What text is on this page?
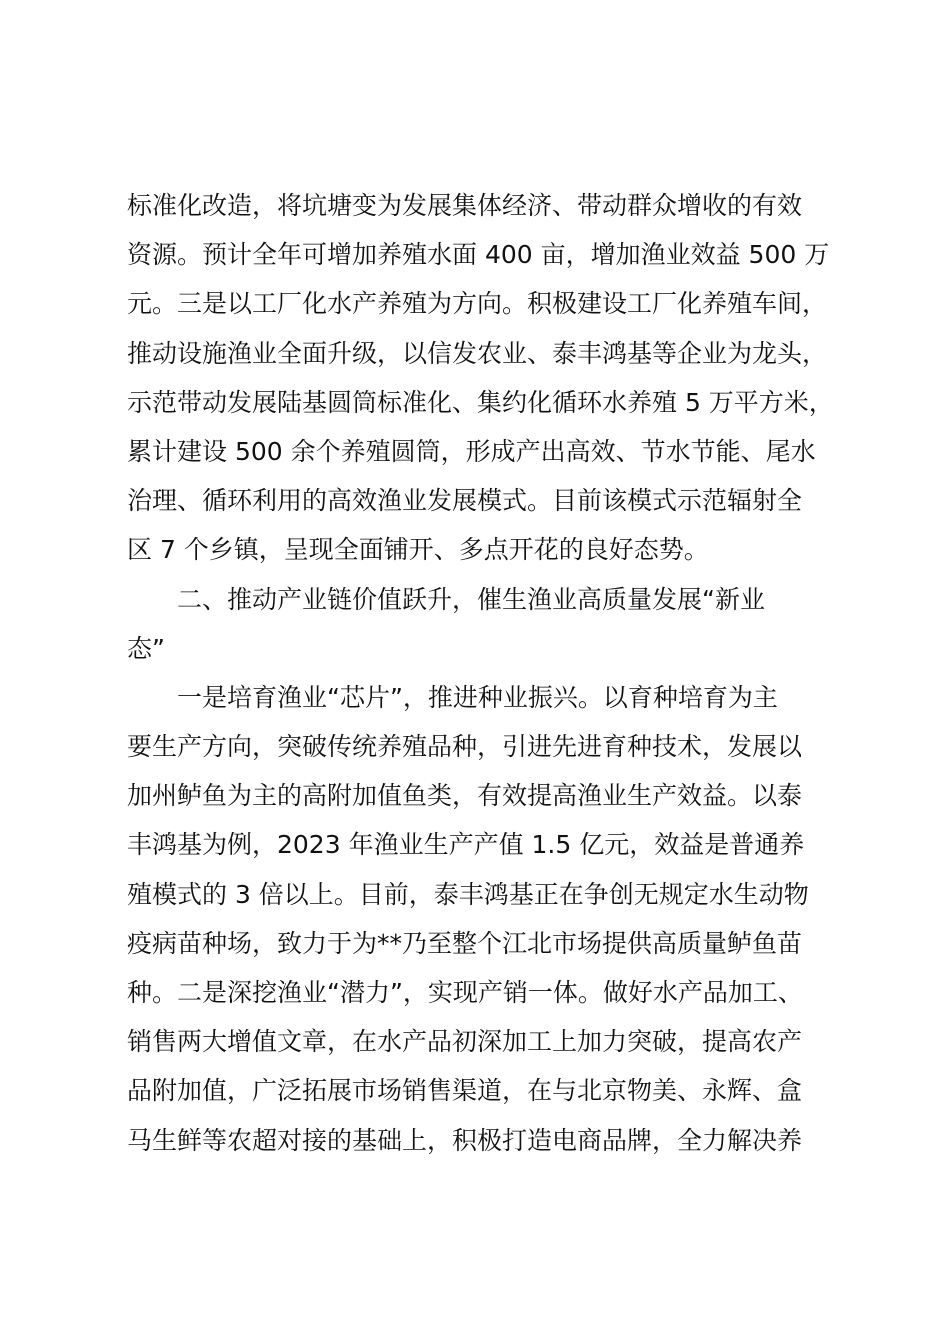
标准化改造，将坑塘变为发展集体经济、带动群众增收的有效
资源。预计全年可增加养殖水面 400 亩，增加渔业效益 500 万
元。三是以工厂化水产养殖为方向。积极建设工厂化养殖车间，
推动设施渔业全面升级，以信发农业、泰丰鸿基等企业为龙头，
示范带动发展陆基圆筒标准化、集约化循环水养殖 5 万平方米，
累计建设 500 余个养殖圆筒，形成产出高效、节水节能、尾水
治理、循环利用的高效渔业发展模式。目前该模式示范辐射全
区 7 个乡镇，呈现全面铺开、多点开花的良好态势。
二、推动产业链价值跃升，催生渔业高质量发展“新业
态”
一是培育渔业“芯片”，推进种业振兴。以育种培育为主
要生产方向，突破传统养殖品种，引进先进育种技术，发展以
加州鲈鱼为主的高附加值鱼类，有效提高渔业生产效益。以泰
丰鸿基为例，2023 年渔业生产产值 1.5 亿元，效益是普通养
殖模式的 3 倍以上。目前，泰丰鸿基正在争创无规定水生动物
疫病苗种场，致力于为**乃至整个江北市场提供高质量鲈鱼苗
种。二是深挖渔业“潜力”，实现产销一体。做好水产品加工、
销售两大增值文章，在水产品初深加工上加力突破，提高农产
品附加值，广泛拓展市场销售渠道，在与北京物美、永辉、盒
马生鲜等农超对接的基础上，积极打造电商品牌，全力解决养
